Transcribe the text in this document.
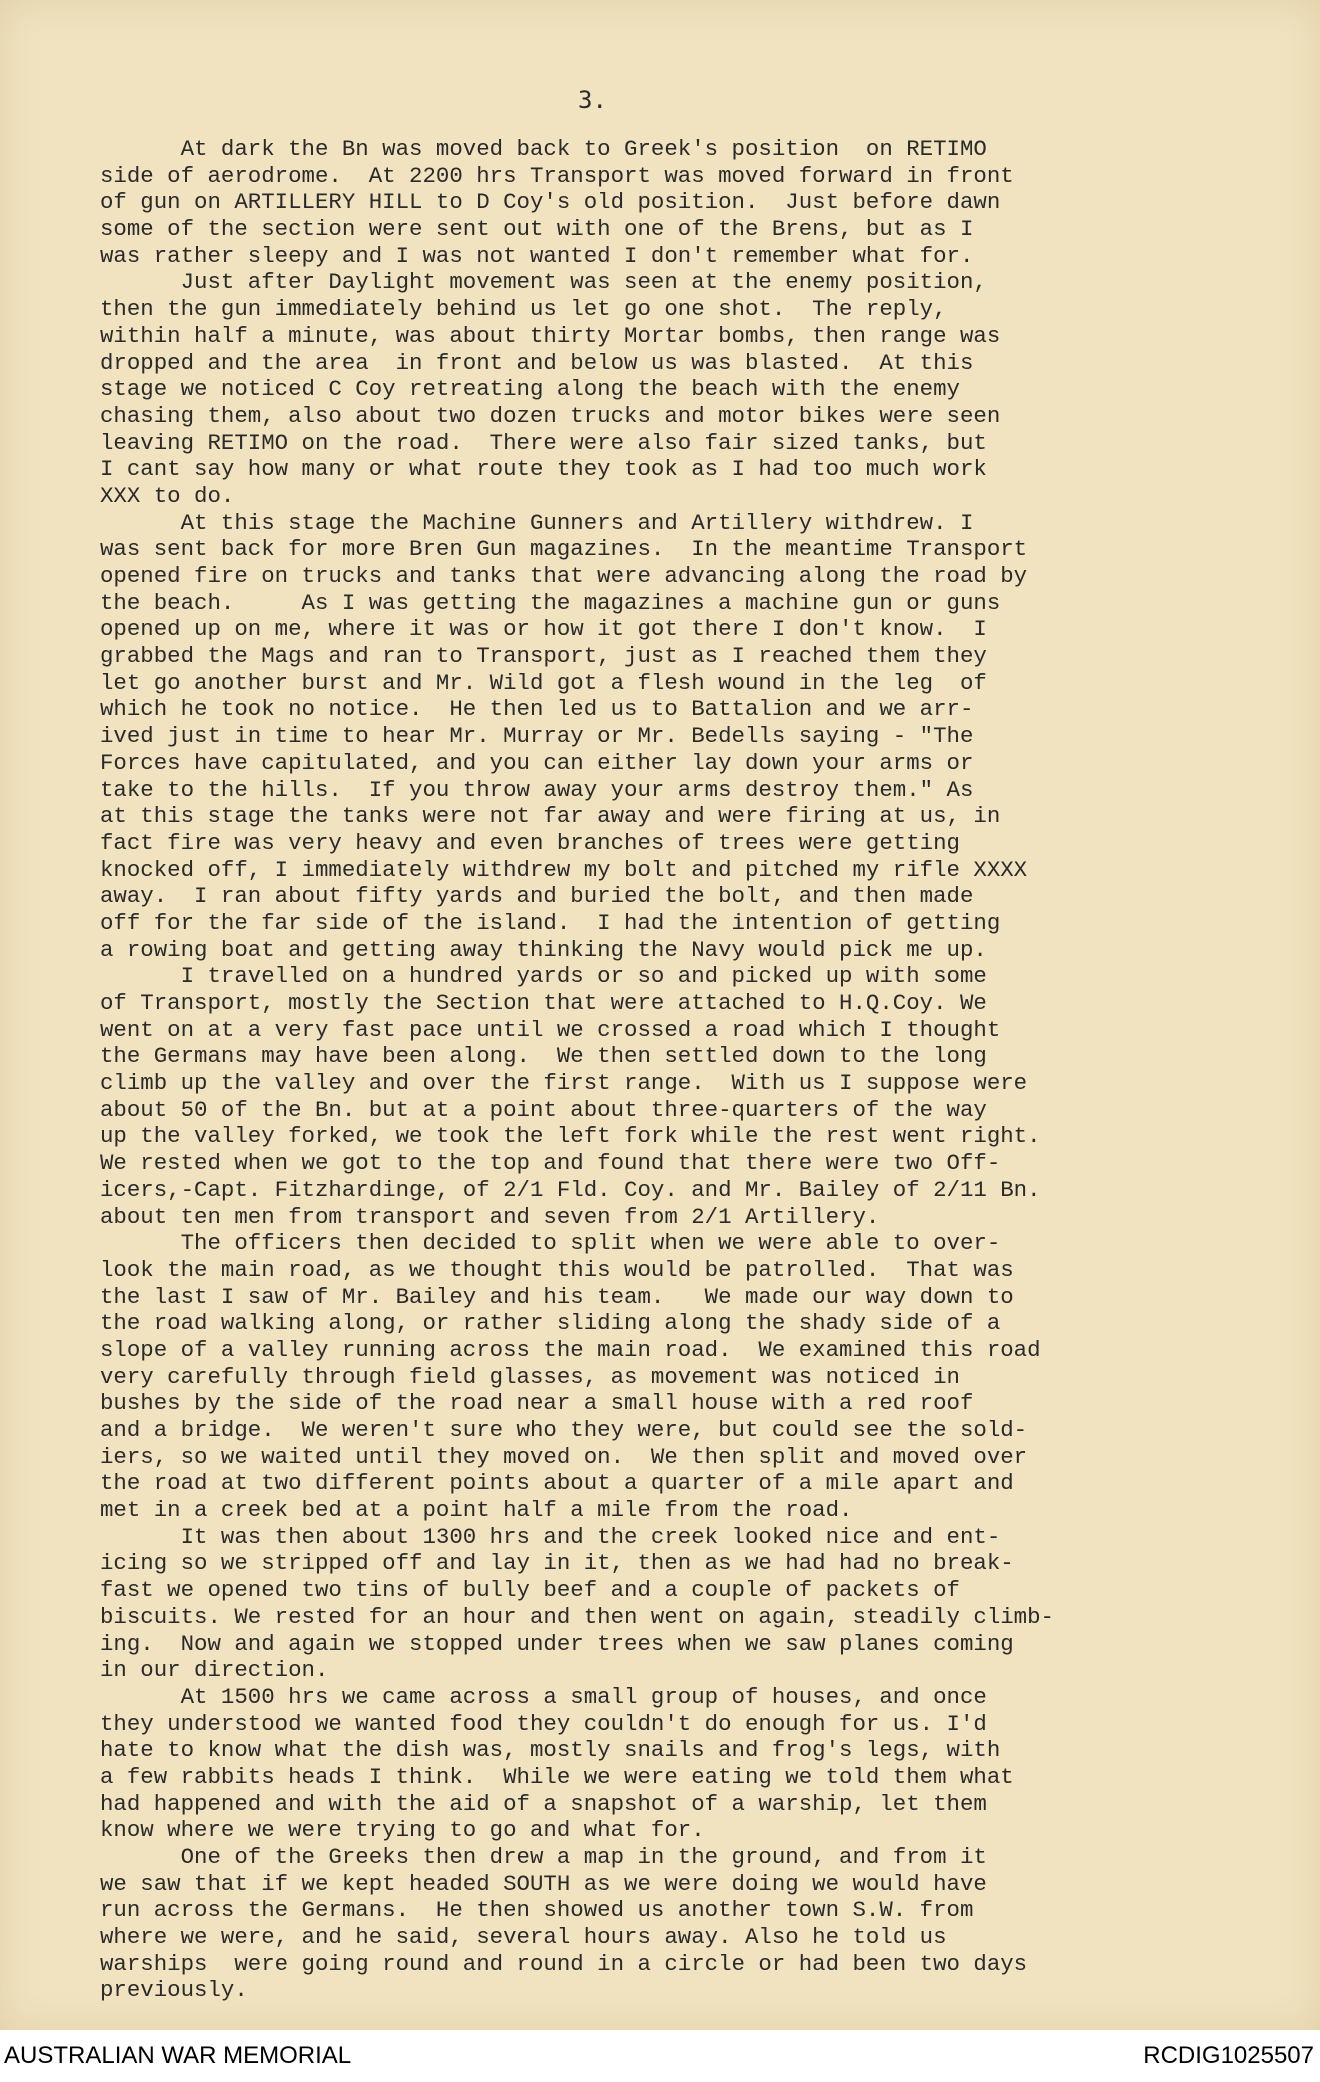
3.
At dark the Bn was moved back to Greek's position  on RETIMO
side of aerodrome.  At 2200 hrs Transport was moved forward in front
of gun on ARTILLERY HILL to D Coy's old position.  Just before dawn
some of the section were sent out with one of the Brens, but as I
was rather sleepy and I was not wanted I don't remember what for.
Just after Daylight movement was seen at the enemy position,
then the gun immediately behind us let go one shot.  The reply,
within half a minute, was about thirty Mortar bombs, then range was
dropped and the area  in front and below us was blasted.  At this
stage we noticed C Coy retreating along the beach with the enemy
chasing them, also about two dozen trucks and motor bikes were seen
leaving RETIMO on the road.  There were also fair sized tanks, but
I cant say how many or what route they took as I had too much work
XXX to do.
At this stage the Machine Gunners and Artillery withdrew. I
was sent back for more Bren Gun magazines.  In the meantime Transport
opened fire on trucks and tanks that were advancing along the road by
the beach.     As I was getting the magazines a machine gun or guns
opened up on me, where it was or how it got there I don't know.  I
grabbed the Mags and ran to Transport, just as I reached them they
let go another burst and Mr. Wild got a flesh wound in the leg  of
which he took no notice.  He then led us to Battalion and we arr-
ived just in time to hear Mr. Murray or Mr. Bedells saying - "The
Forces have capitulated, and you can either lay down your arms or
take to the hills.  If you throw away your arms destroy them." As
at this stage the tanks were not far away and were firing at us, in
fact fire was very heavy and even branches of trees were getting
knocked off, I immediately withdrew my bolt and pitched my rifle XXXX
away.  I ran about fifty yards and buried the bolt, and then made
off for the far side of the island.  I had the intention of getting
a rowing boat and getting away thinking the Navy would pick me up.
I travelled on a hundred yards or so and picked up with some
of Transport, mostly the Section that were attached to H.Q.Coy. We
went on at a very fast pace until we crossed a road which I thought
the Germans may have been along.  We then settled down to the long
climb up the valley and over the first range.  With us I suppose were
about 50 of the Bn. but at a point about three-quarters of the way
up the valley forked, we took the left fork while the rest went right.
We rested when we got to the top and found that there were two Off-
icers,-Capt. Fitzhardinge, of 2/1 Fld. Coy. and Mr. Bailey of 2/11 Bn.
about ten men from transport and seven from 2/1 Artillery.
The officers then decided to split when we were able to over-
look the main road, as we thought this would be patrolled.  That was
the last I saw of Mr. Bailey and his team.   We made our way down to
the road walking along, or rather sliding along the shady side of a
slope of a valley running across the main road.  We examined this road
very carefully through field glasses, as movement was noticed in
bushes by the side of the road near a small house with a red roof
and a bridge.  We weren't sure who they were, but could see the sold-
iers, so we waited until they moved on.  We then split and moved over
the road at two different points about a quarter of a mile apart and
met in a creek bed at a point half a mile from the road.
It was then about 1300 hrs and the creek looked nice and ent-
icing so we stripped off and lay in it, then as we had had no break-
fast we opened two tins of bully beef and a couple of packets of
biscuits. We rested for an hour and then went on again, steadily climb-
ing.  Now and again we stopped under trees when we saw planes coming
in our direction.
At 1500 hrs we came across a small group of houses, and once
they understood we wanted food they couldn't do enough for us. I'd
hate to know what the dish was, mostly snails and frog's legs, with
a few rabbits heads I think.  While we were eating we told them what
had happened and with the aid of a snapshot of a warship, let them
know where we were trying to go and what for.
One of the Greeks then drew a map in the ground, and from it
we saw that if we kept headed SOUTH as we were doing we would have
run across the Germans.  He then showed us another town S.W. from
where we were, and he said, several hours away. Also he told us
warships  were going round and round in a circle or had been two days
previously.
AUSTRALIAN WAR MEMORIAL	RCDIG1025507
